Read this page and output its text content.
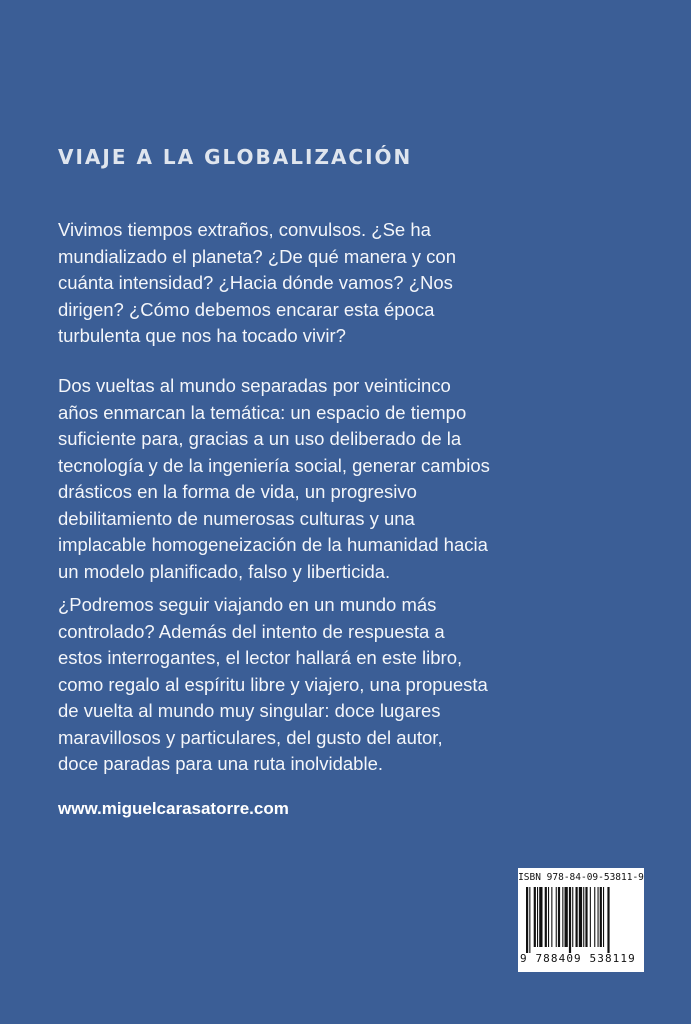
VIAJE A LA GLOBALIZACIÓN

Vivimos tiempos extraños, convulsos. ¿Se ha
mundializado el planeta? ¿De qué manera y con
cuánta intensidad? ¿Hacia dónde vamos? ¿Nos
dirigen? ¿Cómo debemos encarar esta época
turbulenta que nos ha tocado vivir?

Dos vueltas al mundo separadas por veinticinco
años enmarcan la temática: un espacio de tiempo
suficiente para, gracias a un uso deliberado de la
tecnología y de la ingeniería social, generar cambios
drásticos en la forma de vida, un progresivo
debilitamiento de numerosas culturas y una
implacable homogeneización de la humanidad hacia
un modelo planificado, falso y liberticida.

¿Podremos seguir viajando en un mundo más
controlado? Además del intento de respuesta a
estos interrogantes, el lector hallará en este libro,
como regalo al espíritu libre y viajero, una propuesta
de vuelta al mundo muy singular: doce lugares
maravillosos y particulares, del gusto del autor,
doce paradas para una ruta inolvidable.

www.miguelcarasatorre.com

ISBN 978-84-09-53811-9
9 788409 538119
